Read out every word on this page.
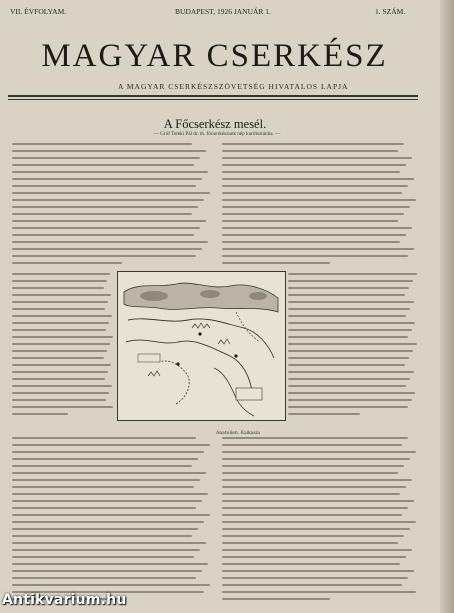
VII. ÉVFOLYAM.	BUDAPEST, 1926 JANUÁR 1.	1. SZÁM.
MAGYAR CSERKÉSZ
A MAGYAR CSERKÉSZSZÖVETSÉG HIVATALOS LAPJA
A Főcserkész mesél.
— Gróf Teleki Pál dr. th. főcserkésznek nép kurdisztánba. —
Anatolien, Kaikasia
Antikvarium.hu
